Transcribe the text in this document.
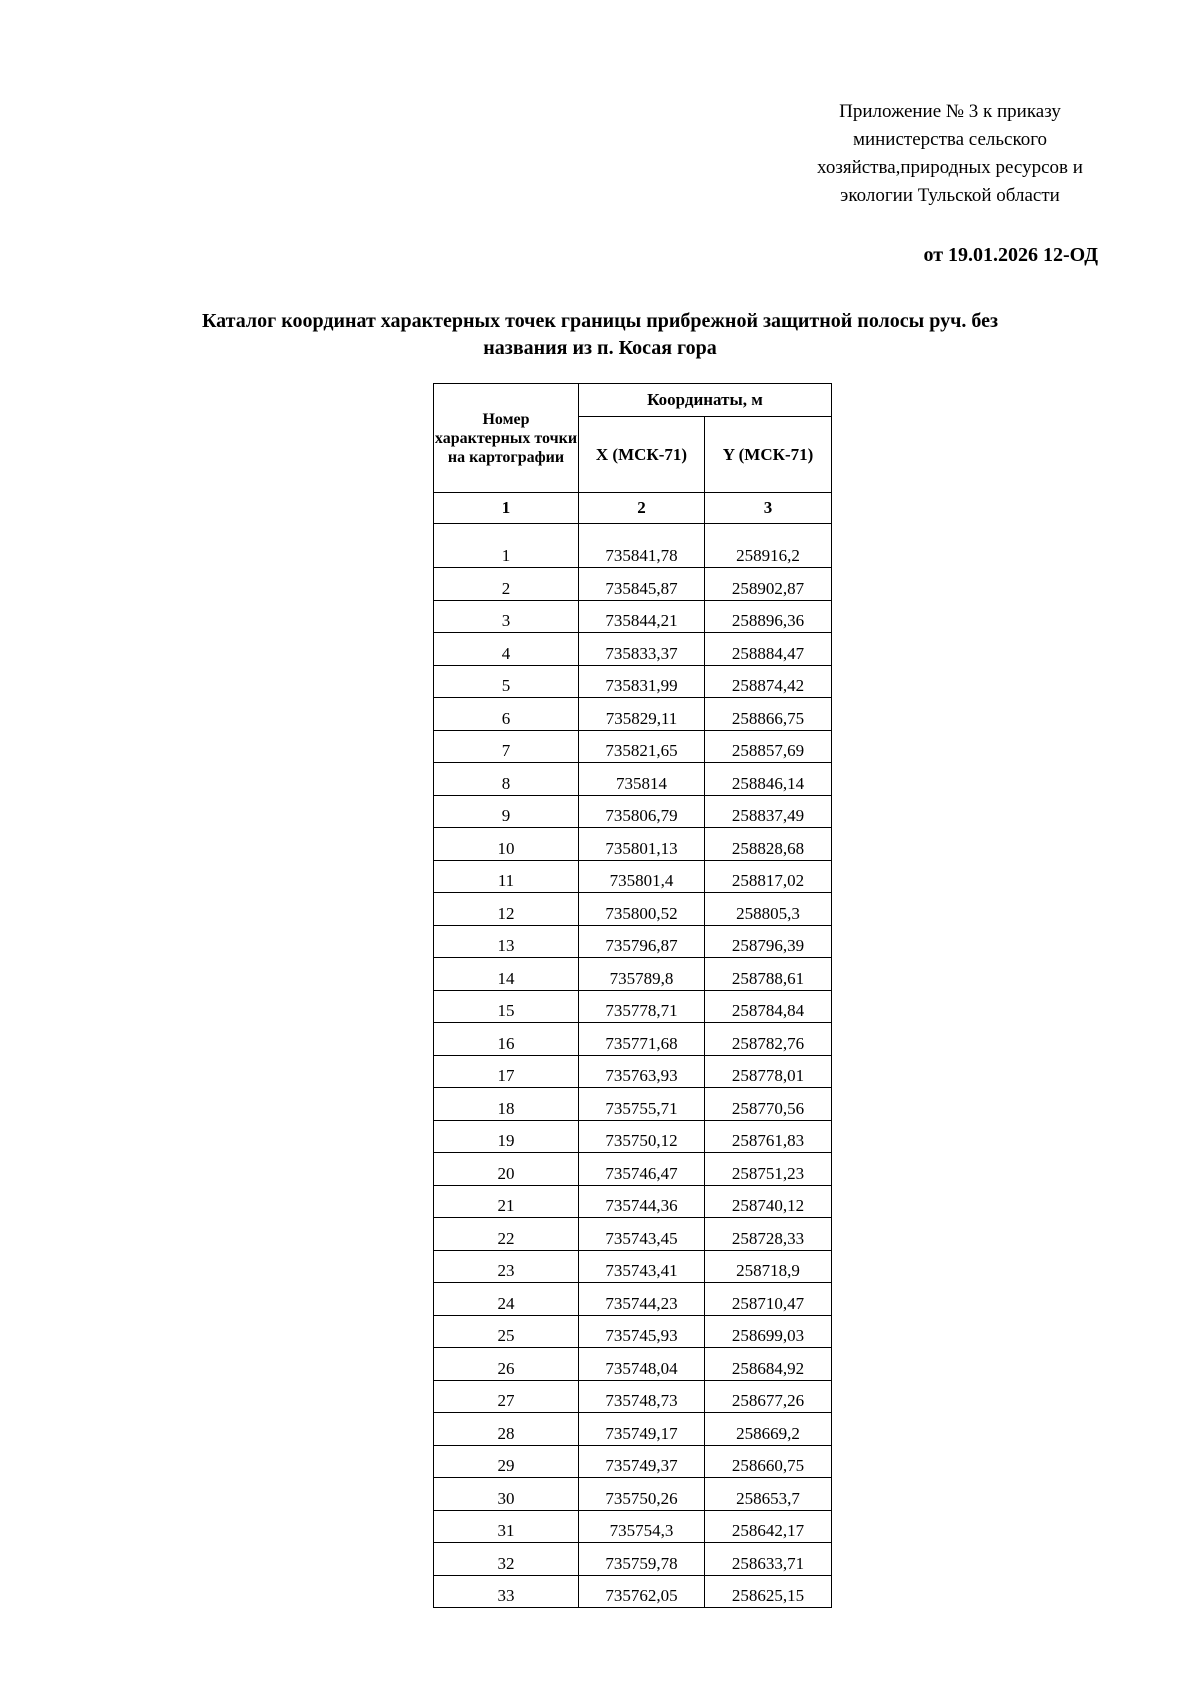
Приложение № 3 к приказу
министерства сельского
хозяйства,природных ресурсов и
экологии Тульской области
от 19.01.2026 12-ОД
Каталог координат характерных точек границы прибрежной защитной полосы руч. без
названия из п. Косая гора
Номер характерных точки на картографии	Координаты, м	
	X (МСК-71)	Y (МСК-71)
1	2	3
1	735841,78	258916,2
2	735845,87	258902,87
3	735844,21	258896,36
4	735833,37	258884,47
5	735831,99	258874,42
6	735829,11	258866,75
7	735821,65	258857,69
8	735814	258846,14
9	735806,79	258837,49
10	735801,13	258828,68
11	735801,4	258817,02
12	735800,52	258805,3
13	735796,87	258796,39
14	735789,8	258788,61
15	735778,71	258784,84
16	735771,68	258782,76
17	735763,93	258778,01
18	735755,71	258770,56
19	735750,12	258761,83
20	735746,47	258751,23
21	735744,36	258740,12
22	735743,45	258728,33
23	735743,41	258718,9
24	735744,23	258710,47
25	735745,93	258699,03
26	735748,04	258684,92
27	735748,73	258677,26
28	735749,17	258669,2
29	735749,37	258660,75
30	735750,26	258653,7
31	735754,3	258642,17
32	735759,78	258633,71
33	735762,05	258625,15
